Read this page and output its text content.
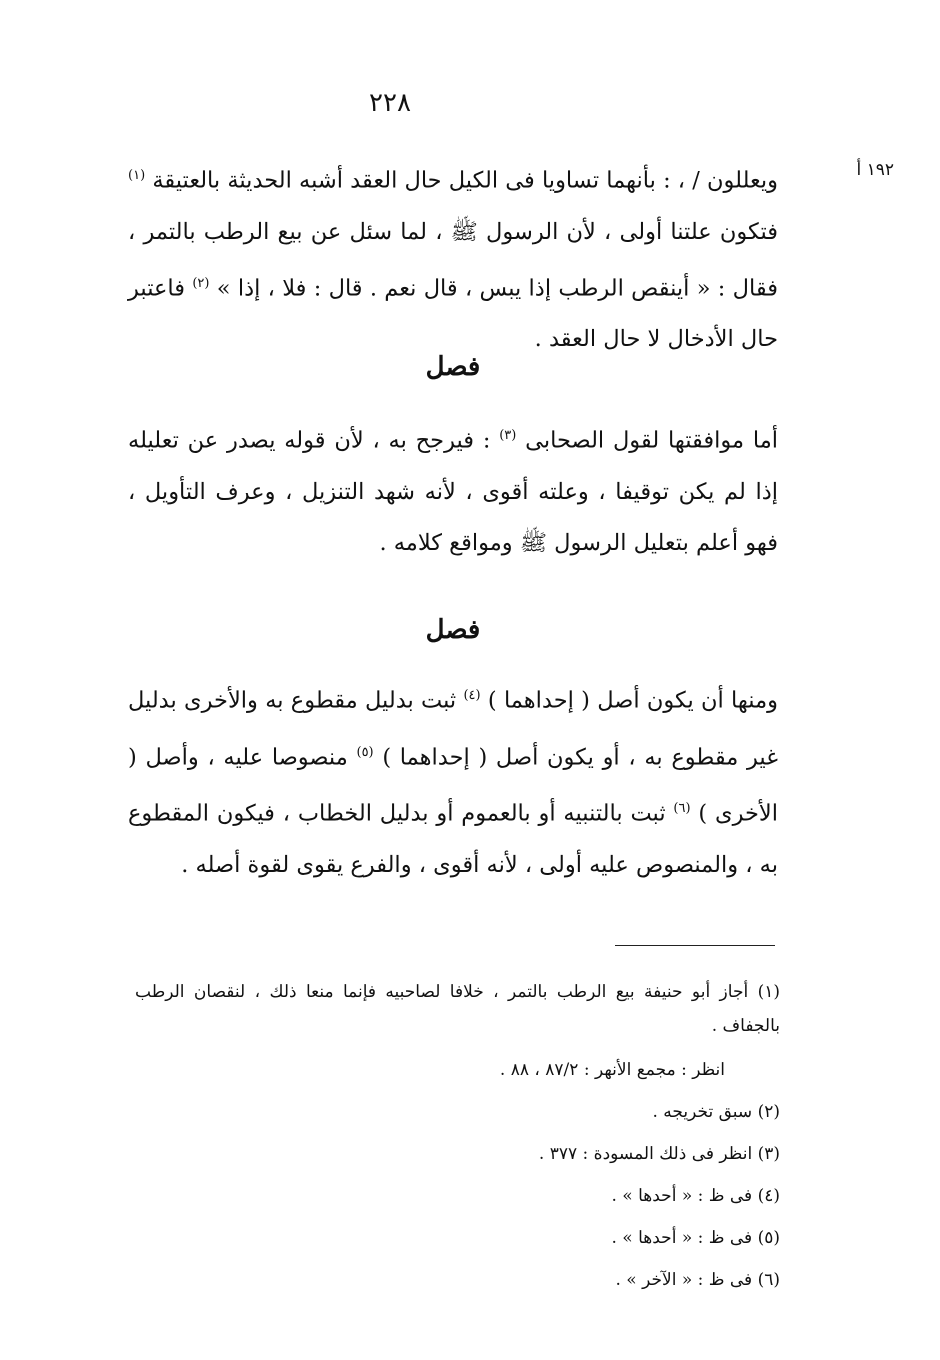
٢٢٨
١٩٢ أ
ويعللون / ، : بأنهما تساويا فى الكيل حال العقد أشبه الحديثة بالعتيقة $^{(١)}$ فتكون علتنا أولى ، لأن الرسول ﷺ ، لما سئل عن بيع الرطب بالتمر ، فقال : « أينقص الرطب إذا يبس ، قال نعم . قال : فلا ، إذا » $^{(٢)}$ فاعتبر حال الأدخال لا حال العقد .
فصل
أما موافقتها لقول الصحابى $^{(٣)}$ : فيرجح به ، لأن قوله يصدر عن تعليله إذا لم يكن توقيفا ، وعلته أقوى ، لأنه شهد التنزيل ، وعرف التأويل ، فهو أعلم بتعليل الرسول ﷺ ومواقع كلامه .
فصل
ومنها أن يكون أصل ( إحداهما ) $^{(٤)}$ ثبت بدليل مقطوع به والأخرى بدليل غير مقطوع به ، أو يكون أصل ( إحداهما ) $^{(٥)}$ منصوصا عليه ، وأصل ( الأخرى ) $^{(٦)}$ ثبت بالتنبيه أو بالعموم أو بدليل الخطاب ، فيكون المقطوع به ، والمنصوص عليه أولى ، لأنه أقوى ، والفرع يقوى لقوة أصله .
(١) أجاز أبو حنيفة بيع الرطب بالتمر ، خلافا لصاحبيه فإنما منعا ذلك ، لنقصان الرطب بالجفاف .
انظر : مجمع الأنهر : ٨٧/٢ ، ٨٨ .
(٢) سبق تخريجه .
(٣) انظر فى ذلك المسودة : ٣٧٧ .
(٤) فى ظ : « أحدها » .
(٥) فى ظ : « أحدها » .
(٦) فى ظ : « الآخر » .
